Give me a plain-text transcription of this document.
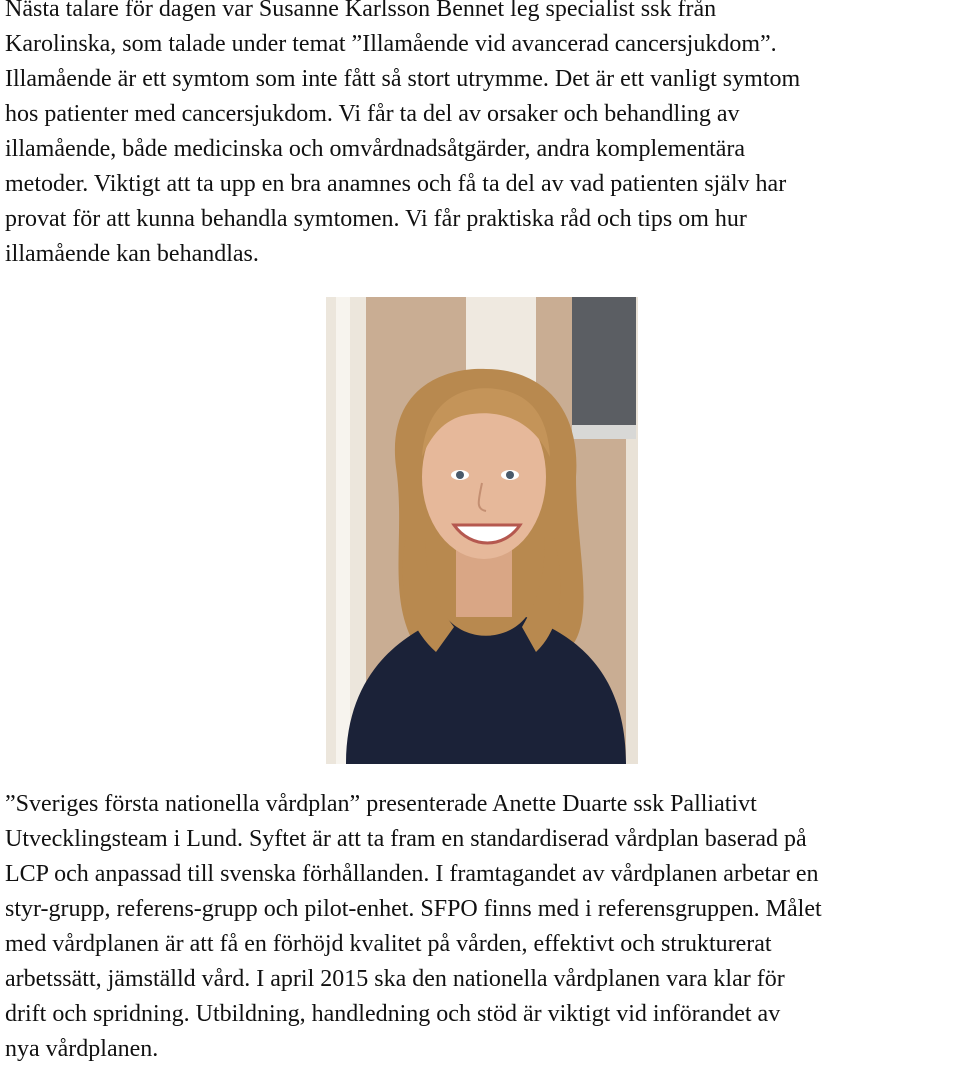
Nästa talare för dagen var Susanne Karlsson Bennet leg specialist ssk från
Karolinska, som talade under temat ”Illamående vid avancerad cancersjukdom”.
Illamående är ett symtom som inte fått så stort utrymme. Det är ett vanligt symtom
hos patienter med cancersjukdom. Vi får ta del av orsaker och behandling av
illamående, både medicinska och omvårdnadsåtgärder, andra komplementära
metoder. Viktigt att ta upp en bra anamnes och få ta del av vad patienten själv har
provat för att kunna behandla symtomen. Vi får praktiska råd och tips om hur
illamående kan behandlas.
”Sveriges första nationella vårdplan” presenterade Anette Duarte ssk Palliativt
Utvecklingsteam i Lund. Syftet är att ta fram en standardiserad vårdplan baserad på
LCP och anpassad till svenska förhållanden. I framtagandet av vårdplanen arbetar en
styr-grupp, referens-grupp och pilot-enhet. SFPO finns med i referensgruppen. Målet
med vårdplanen är att få en förhöjd kvalitet på vården, effektivt och strukturerat
arbetssätt, jämställd vård. I april 2015 ska den nationella vårdplanen vara klar för
drift och spridning. Utbildning, handledning och stöd är viktigt vid införandet av
nya vårdplanen.
